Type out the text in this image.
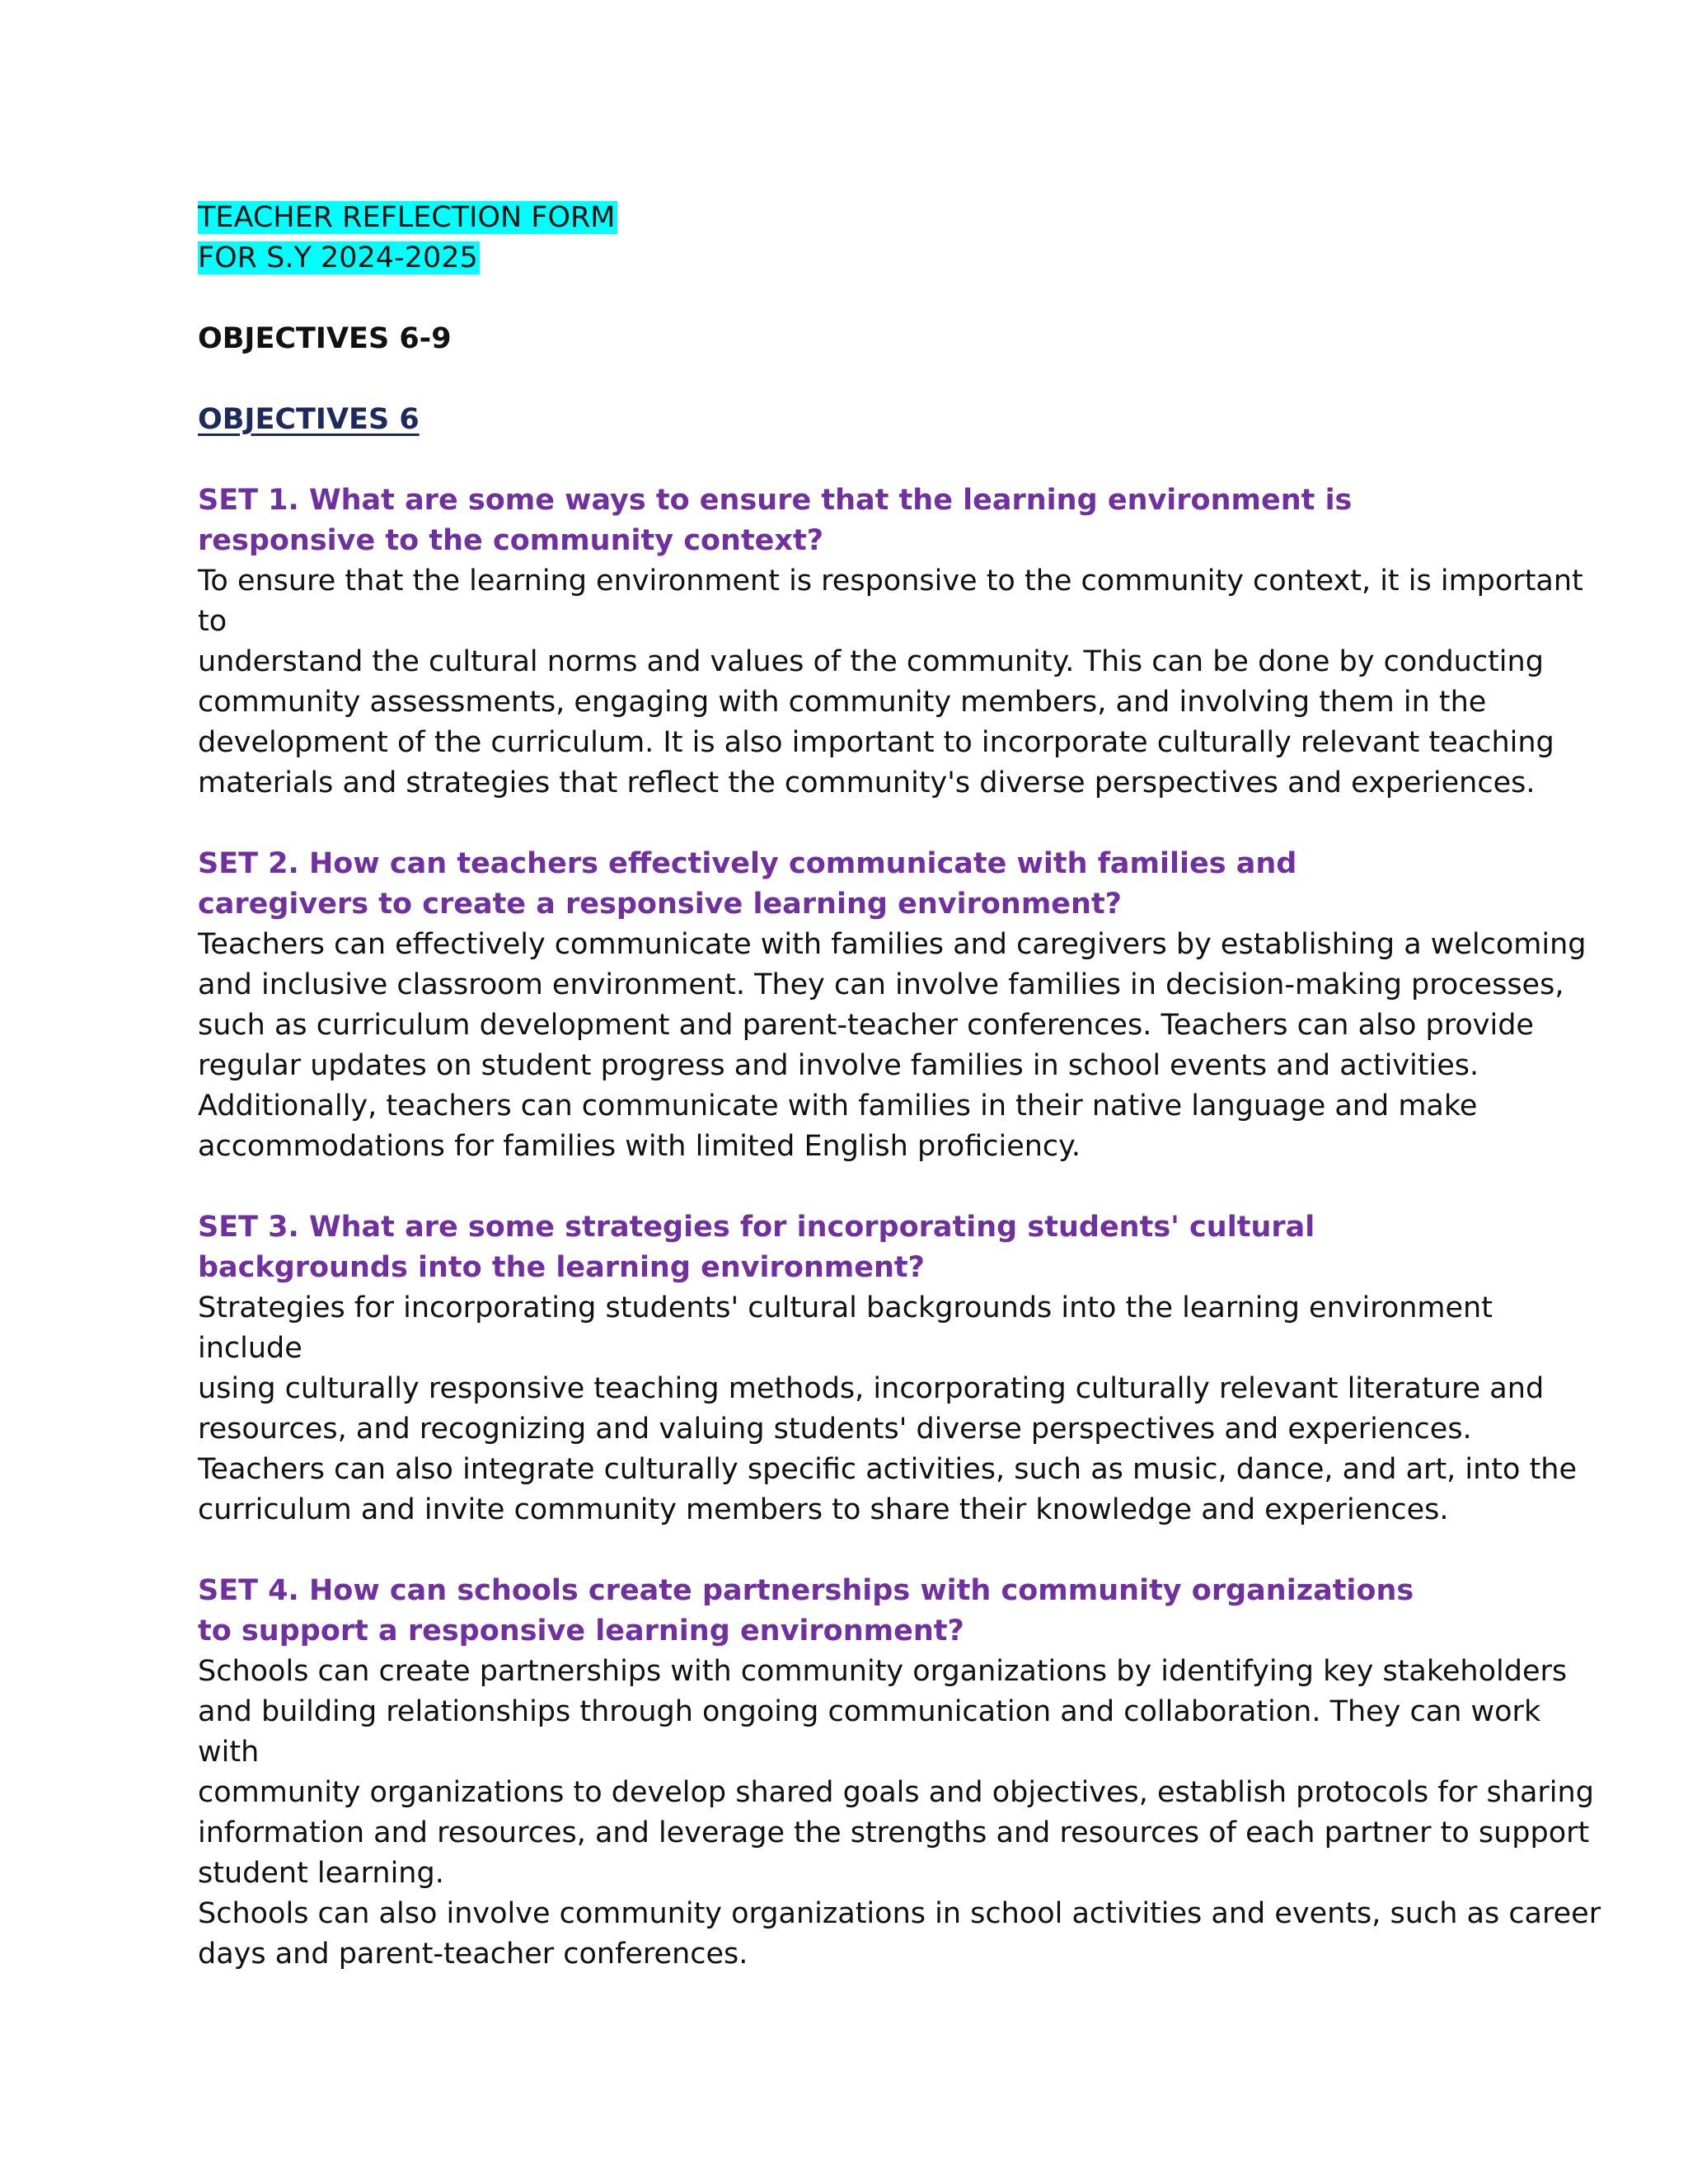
TEACHER REFLECTION FORM
FOR S.Y 2024-2025
OBJECTIVES 6-9
OBJECTIVES 6
SET 1. What are some ways to ensure that the learning environment is
responsive to the community context?
To ensure that the learning environment is responsive to the community context, it is important
to
understand the cultural norms and values of the community. This can be done by conducting
community assessments, engaging with community members, and involving them in the
development of the curriculum. It is also important to incorporate culturally relevant teaching
materials and strategies that reflect the community's diverse perspectives and experiences.
SET 2. How can teachers effectively communicate with families and
caregivers to create a responsive learning environment?
Teachers can effectively communicate with families and caregivers by establishing a welcoming
and inclusive classroom environment. They can involve families in decision-making processes,
such as curriculum development and parent-teacher conferences. Teachers can also provide
regular updates on student progress and involve families in school events and activities.
Additionally, teachers can communicate with families in their native language and make
accommodations for families with limited English proficiency.
SET 3. What are some strategies for incorporating students' cultural
backgrounds into the learning environment?
Strategies for incorporating students' cultural backgrounds into the learning environment
include
using culturally responsive teaching methods, incorporating culturally relevant literature and
resources, and recognizing and valuing students' diverse perspectives and experiences.
Teachers can also integrate culturally specific activities, such as music, dance, and art, into the
curriculum and invite community members to share their knowledge and experiences.
SET 4. How can schools create partnerships with community organizations
to support a responsive learning environment?
Schools can create partnerships with community organizations by identifying key stakeholders
and building relationships through ongoing communication and collaboration. They can work
with
community organizations to develop shared goals and objectives, establish protocols for sharing
information and resources, and leverage the strengths and resources of each partner to support
student learning.
Schools can also involve community organizations in school activities and events, such as career
days and parent-teacher conferences.
